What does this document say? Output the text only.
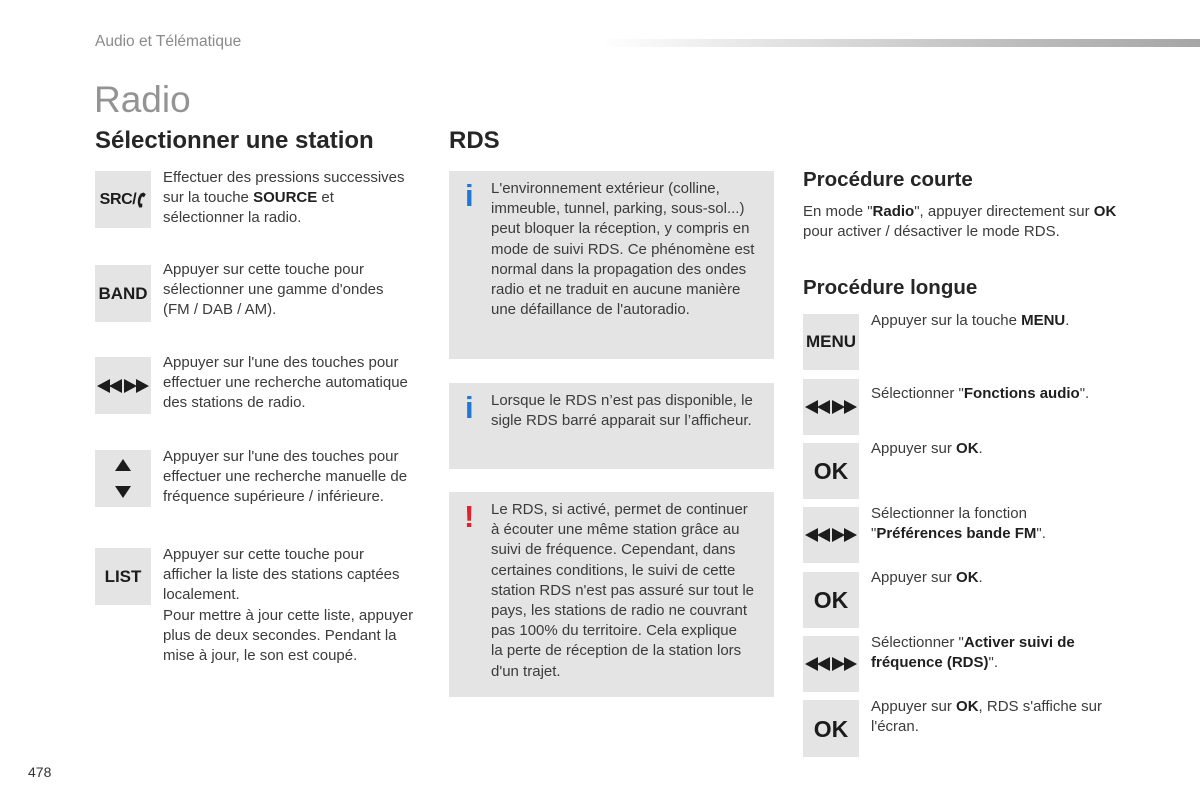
Audio et Télématique
Radio
Sélectionner une station
SRC/
Effectuer des pressions successives
sur la touche SOURCE et
sélectionner la radio.
BAND
Appuyer sur cette touche pour
sélectionner une gamme d'ondes
(FM / DAB / AM).
Appuyer sur l'une des touches pour
effectuer une recherche automatique
des stations de radio.
Appuyer sur l'une des touches pour
effectuer une recherche manuelle de
fréquence supérieure / inférieure.
LIST
Appuyer sur cette touche pour
afficher la liste des stations captées
localement.
Pour mettre à jour cette liste, appuyer
plus de deux secondes. Pendant la
mise à jour, le son est coupé.
RDS
i L'environnement extérieur (colline,
immeuble, tunnel, parking, sous-sol...)
peut bloquer la réception, y compris en
mode de suivi RDS. Ce phénomène est
normal dans la propagation des ondes
radio et ne traduit en aucune manière
une défaillance de l'autoradio.
i Lorsque le RDS n’est pas disponible, le
sigle RDS barré apparait sur l’afficheur.
! Le RDS, si activé, permet de continuer
à écouter une même station grâce au
suivi de fréquence. Cependant, dans
certaines conditions, le suivi de cette
station RDS n'est pas assuré sur tout le
pays, les stations de radio ne couvrant
pas 100% du territoire. Cela explique
la perte de réception de la station lors
d'un trajet.
Procédure courte
En mode "Radio", appuyer directement sur OK
pour activer / désactiver le mode RDS.
Procédure longue
MENU
Appuyer sur la touche MENU.
Sélectionner "Fonctions audio".
OK
Appuyer sur OK.
Sélectionner la fonction
"Préférences bande FM".
OK
Appuyer sur OK.
Sélectionner "Activer suivi de
fréquence (RDS)".
OK
Appuyer sur OK, RDS s'affiche sur
l'écran.
478
